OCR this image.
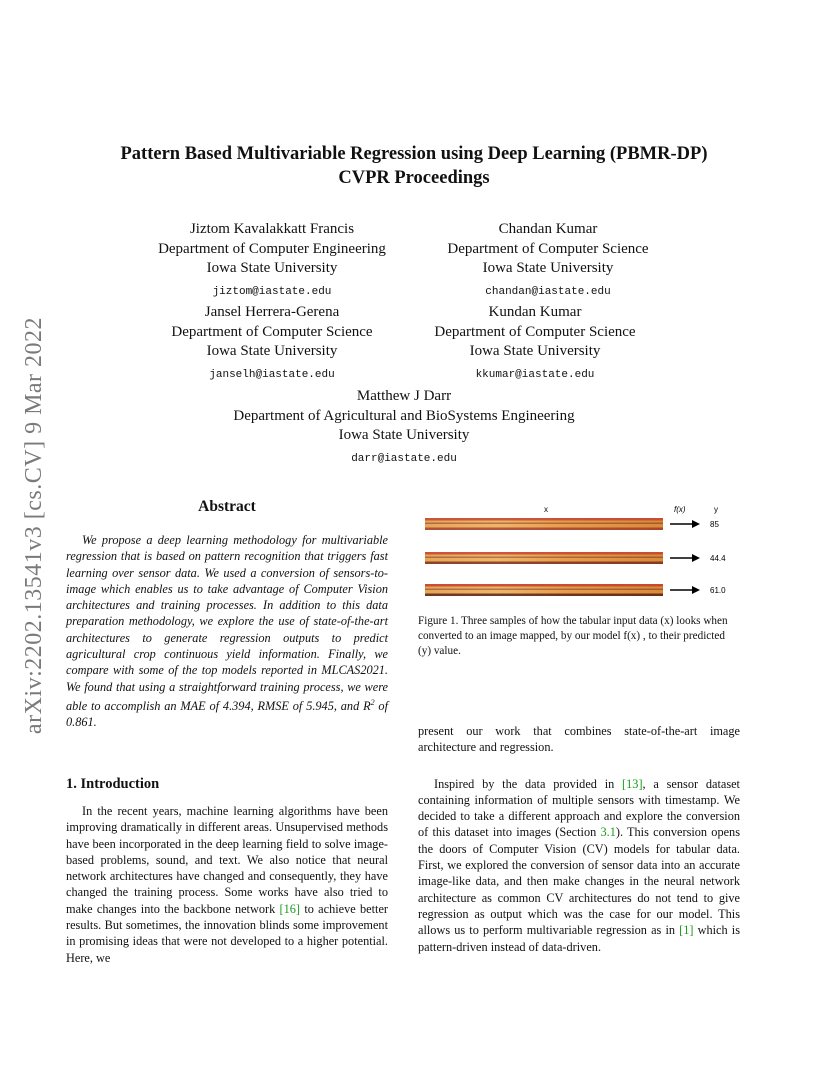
arXiv:2202.13541v3 [cs.CV] 9 Mar 2022
Pattern Based Multivariable Regression using Deep Learning (PBMR-DP)
CVPR Proceedings
Jiztom Kavalakkatt Francis
Department of Computer Engineering
Iowa State University
jiztom@iastate.edu
Chandan Kumar
Department of Computer Science
Iowa State University
chandan@iastate.edu
Jansel Herrera-Gerena
Department of Computer Science
Iowa State University
janselh@iastate.edu
Kundan Kumar
Department of Computer Science
Iowa State University
kkumar@iastate.edu
Matthew J Darr
Department of Agricultural and BioSystems Engineering
Iowa State University
darr@iastate.edu
Abstract

We propose a deep learning methodology for multivariable regression that is based on pattern recognition that triggers fast learning over sensor data. We used a conversion of sensors-to-image which enables us to take advantage of Computer Vision architectures and training processes. In addition to this data preparation methodology, we explore the use of state-of-the-art architectures to generate regression outputs to predict agricultural crop continuous yield information. Finally, we compare with some of the top models reported in MLCAS2021. We found that using a straightforward training process, we were able to accomplish an MAE of 4.394, RMSE of 5.945, and $R^2$ of 0.861.

1. Introduction

In the recent years, machine learning algorithms have been improving dramatically in different areas. Unsupervised methods have been incorporated in the deep learning field to solve image-based problems, sound, and text. We also notice that neural network architectures have changed and consequently, they have changed the training process. Some works have also tried to make changes into the backbone network [16] to achieve better results. But sometimes, the innovation blinds some improvement in promising ideas that were not developed to a higher potential. Here, we

x	f(x)	y
85
44.4
61.0
Figure 1. Three samples of how the tabular input data (x) looks when converted to an image mapped, by our model f(x) , to their predicted (y) value.

present our work that combines state-of-the-art image architecture and regression.

Inspired by the data provided in [13], a sensor dataset containing information of multiple sensors with timestamp. We decided to take a different approach and explore the conversion of this dataset into images (Section 3.1). This conversion opens the doors of Computer Vision (CV) models for tabular data. First, we explored the conversion of sensor data into an accurate image-like data, and then make changes in the neural network architecture as common CV architectures do not tend to give regression as output which was the case for our model. This allows us to perform multivariable regression as in [1] which is pattern-driven instead of data-driven.
